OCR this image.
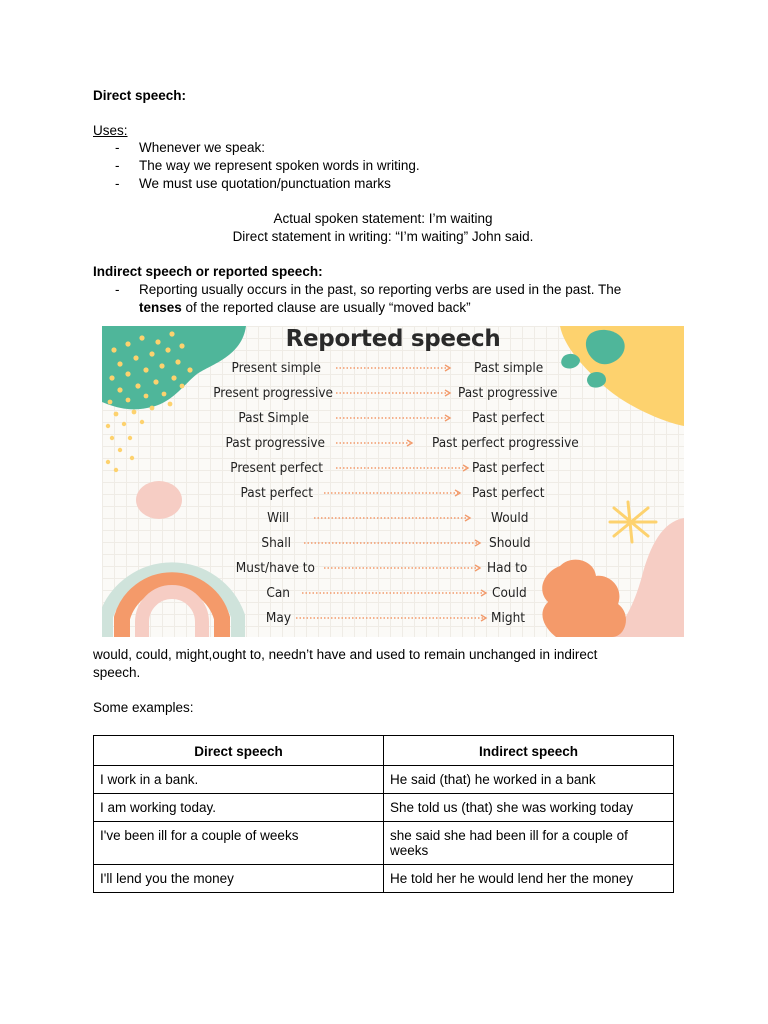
Direct speech:
Uses:
- Whenever we speak:
- The way we represent spoken words in writing.
- We must use quotation/punctuation marks
Actual spoken statement: I’m waiting
Direct statement in writing: “I’m waiting” John said.
Indirect speech or reported speech:
- Reporting usually occurs in the past, so reporting verbs are used in the past. The
tenses of the reported clause are usually “moved back”
Reported speech
Present simple	Past simple
Present progressive	Past progressive
Past Simple	Past perfect
Past progressive	Past perfect progressive
Present perfect	Past perfect
Past perfect	Past perfect
Will	Would
Shall	Should
Must/have to	Had to
Can	Could
May	Might
would, could, might,ought to, needn’t have and used to remain unchanged in indirect
speech.
Some examples:
Direct speech	Indirect speech
I work in a bank.	He said (that) he worked in a bank
I am working today.	She told us (that) she was working today
I've been ill for a couple of weeks	she said she had been ill for a couple of weeks
I'll lend you the money	He told her he would lend her the money
